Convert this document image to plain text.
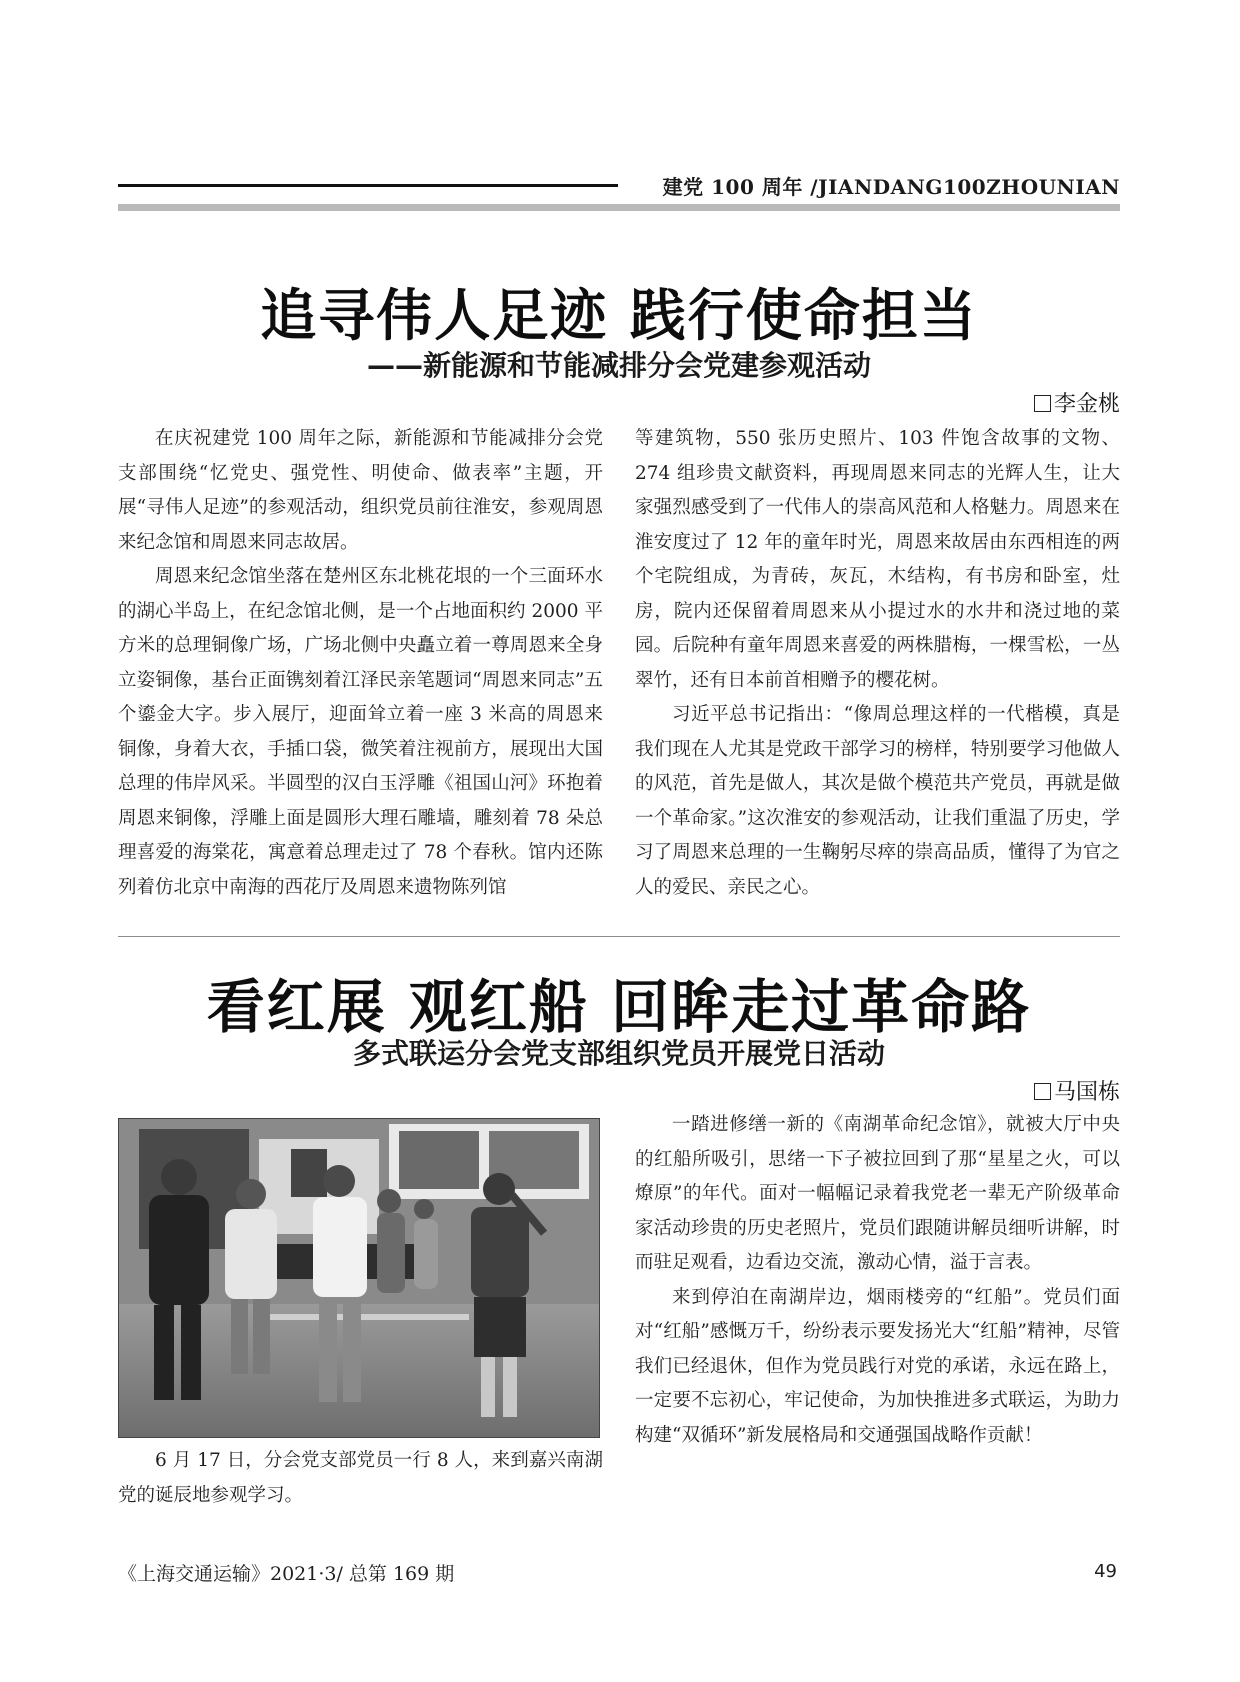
建党 100 周年 /JIANDANG100ZHOUNIAN
追寻伟人足迹 践行使命担当
——新能源和节能减排分会党建参观活动
李金桃

在庆祝建党 100 周年之际，新能源和节能减排分会党支部围绕“忆党史、强党性、明使命、做表率”主题，开展“寻伟人足迹”的参观活动，组织党员前往淮安，参观周恩来纪念馆和周恩来同志故居。

周恩来纪念馆坐落在楚州区东北桃花垠的一个三面环水的湖心半岛上，在纪念馆北侧，是一个占地面积约 2000 平方米的总理铜像广场，广场北侧中央矗立着一尊周恩来全身立姿铜像，基台正面镌刻着江泽民亲笔题词“周恩来同志”五个鎏金大字。步入展厅，迎面耸立着一座 3 米高的周恩来铜像，身着大衣，手插口袋，微笑着注视前方，展现出大国总理的伟岸风采。半圆型的汉白玉浮雕《祖国山河》环抱着周恩来铜像，浮雕上面是圆形大理石雕墙，雕刻着 78 朵总理喜爱的海棠花，寓意着总理走过了 78 个春秋。馆内还陈列着仿北京中南海的西花厅及周恩来遗物陈列馆

等建筑物，550 张历史照片、103 件饱含故事的文物、274 组珍贵文献资料，再现周恩来同志的光辉人生，让大家强烈感受到了一代伟人的崇高风范和人格魅力。周恩来在淮安度过了 12 年的童年时光，周恩来故居由东西相连的两个宅院组成，为青砖，灰瓦，木结构，有书房和卧室，灶房，院内还保留着周恩来从小提过水的水井和浇过地的菜园。后院种有童年周恩来喜爱的两株腊梅，一棵雪松，一丛翠竹，还有日本前首相赠予的樱花树。

习近平总书记指出：“像周总理这样的一代楷模，真是我们现在人尤其是党政干部学习的榜样，特别要学习他做人的风范，首先是做人，其次是做个模范共产党员，再就是做一个革命家。”这次淮安的参观活动，让我们重温了历史，学习了周恩来总理的一生鞠躬尽瘁的崇高品质，懂得了为官之人的爱民、亲民之心。

看红展 观红船 回眸走过革命路
多式联运分会党支部组织党员开展党日活动
马国栋

6 月 17 日，分会党支部党员一行 8 人，来到嘉兴南湖党的诞辰地参观学习。

一踏进修缮一新的《南湖革命纪念馆》，就被大厅中央的红船所吸引，思绪一下子被拉回到了那“星星之火，可以燎原”的年代。面对一幅幅记录着我党老一辈无产阶级革命家活动珍贵的历史老照片，党员们跟随讲解员细听讲解，时而驻足观看，边看边交流，激动心情，溢于言表。

来到停泊在南湖岸边，烟雨楼旁的“红船”。党员们面对“红船”感慨万千，纷纷表示要发扬光大“红船”精神，尽管我们已经退休，但作为党员践行对党的承诺，永远在路上，一定要不忘初心，牢记使命，为加快推进多式联运，为助力构建“双循环”新发展格局和交通强国战略作贡献！

《上海交通运输》2021·3/ 总第 169 期	49
